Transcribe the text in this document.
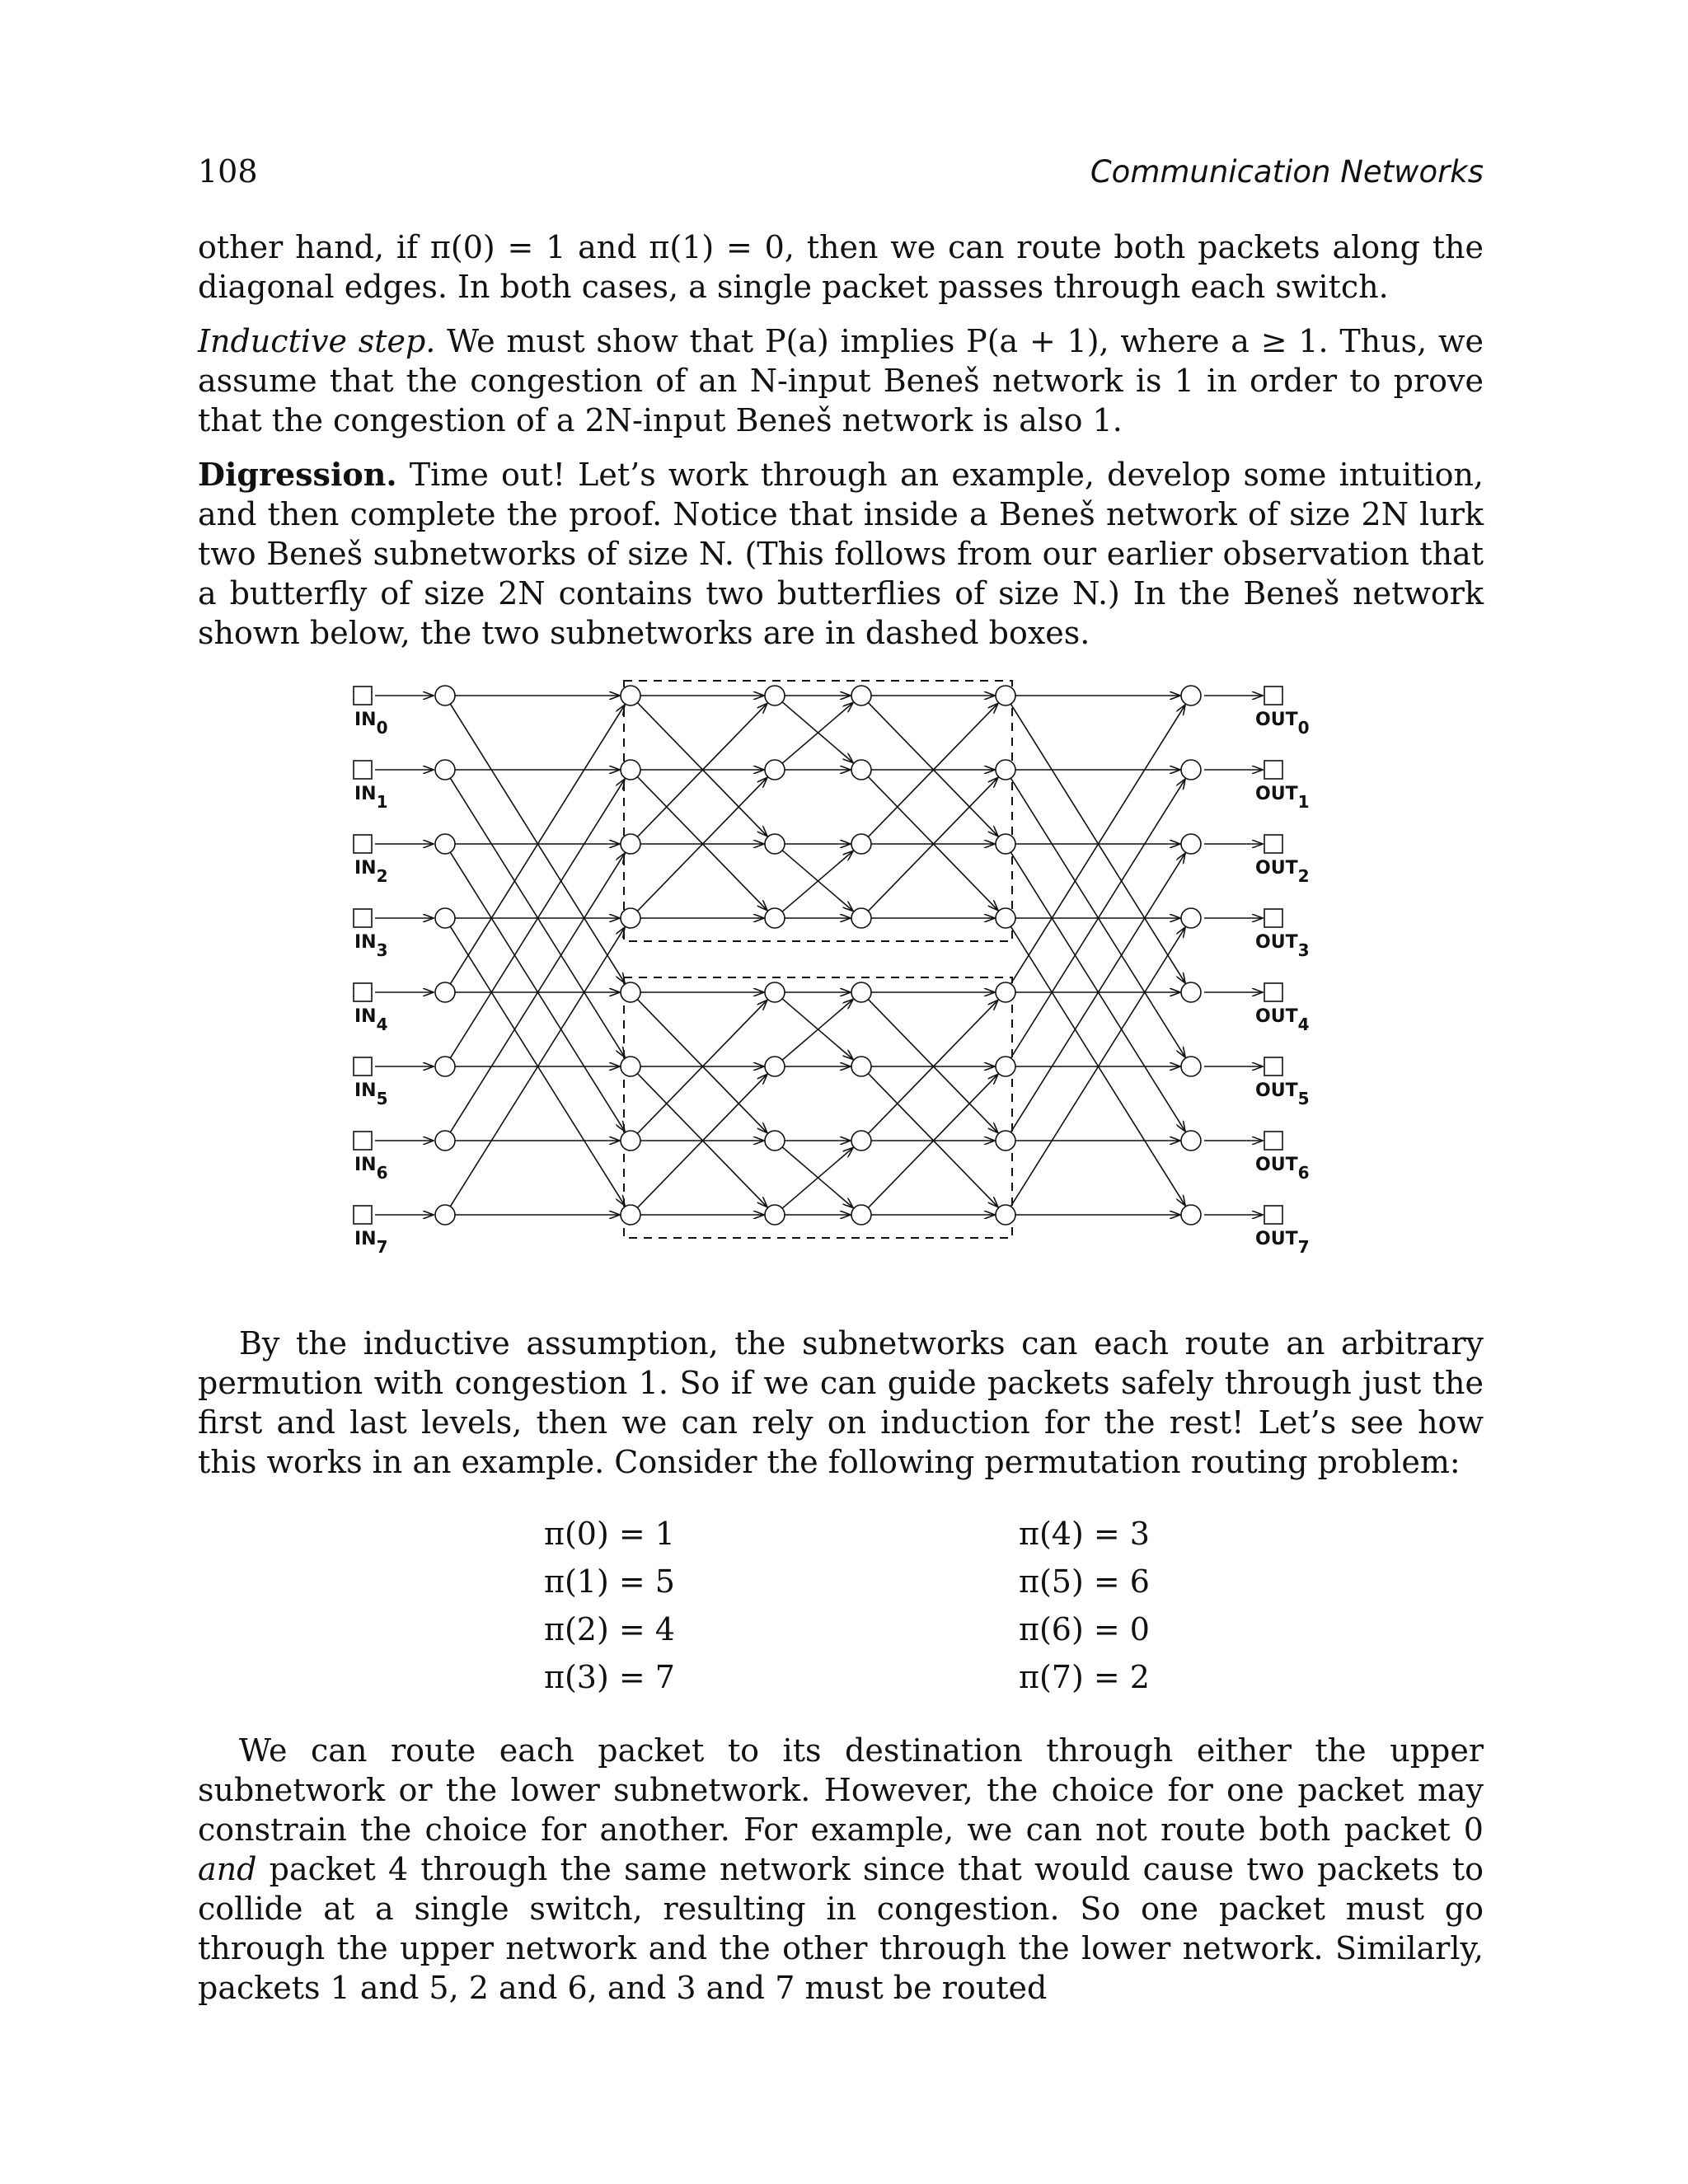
108	Communication Networks

other hand, if π(0) = 1 and π(1) = 0, then we can route both packets along the diagonal edges. In both cases, a single packet passes through each switch.

Inductive step. We must show that P(a) implies P(a + 1), where a ≥ 1. Thus, we assume that the congestion of an N-input Beneš network is 1 in order to prove that the congestion of a 2N-input Beneš network is also 1.

Digression. Time out! Let’s work through an example, develop some intuition, and then complete the proof. Notice that inside a Beneš network of size 2N lurk two Beneš subnetworks of size N. (This follows from our earlier observation that a butterfly of size 2N contains two butterflies of size N.) In the Beneš network shown below, the two subnetworks are in dashed boxes.

IN0	OUT0
IN1	OUT1
IN2	OUT2
IN3	OUT3
IN4	OUT4
IN5	OUT5
IN6	OUT6
IN7	OUT7

By the inductive assumption, the subnetworks can each route an arbitrary permution with congestion 1. So if we can guide packets safely through just the first and last levels, then we can rely on induction for the rest! Let’s see how this works in an example. Consider the following permutation routing problem:

π(0) = 1
π(1) = 5
π(2) = 4
π(3) = 7
π(4) = 3
π(5) = 6
π(6) = 0
π(7) = 2

We can route each packet to its destination through either the upper subnetwork or the lower subnetwork. However, the choice for one packet may constrain the choice for another. For example, we can not route both packet 0 and packet 4 through the same network since that would cause two packets to collide at a single switch, resulting in congestion. So one packet must go through the upper network and the other through the lower network. Similarly, packets 1 and 5, 2 and 6, and 3 and 7 must be routed
